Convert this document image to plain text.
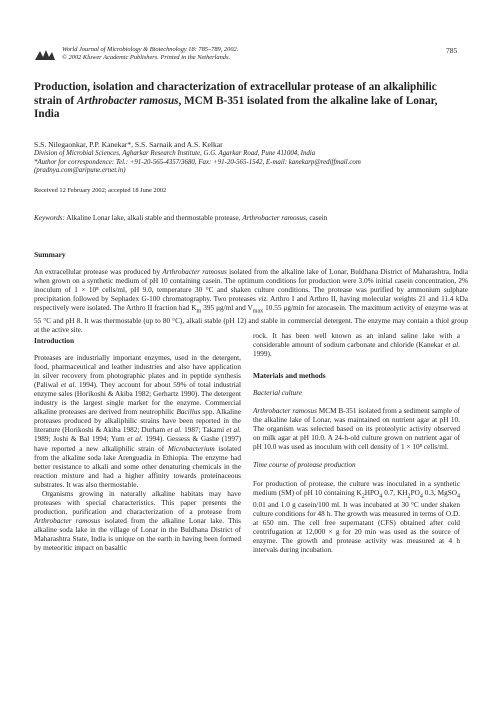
World Journal of Microbiology & Biotechnology 18: 785–789, 2002.
© 2002 Kluwer Academic Publishers. Printed in the Netherlands.
785
Production, isolation and characterization of extracellular protease of an alkaliphilic strain of Arthrobacter ramosus, MCM B-351 isolated from the alkaline lake of Lonar, India
S.S. Nilegaonkar, P.P. Kanekar*, S.S. Sarnaik and A.S. Kelkar
Division of Microbial Sciences, Agharkar Research Institute, G.G. Agarkar Road, Pune 411004, India
*Author for correspondence: Tel.: +91-20-565-4357/3680, Fax: +91-20-565-1542, E-mail: kanekarp@rediffmail.com
(pradnya.com@aripune.ernet.in)
Received 12 February 2002; accepted 18 June 2002
Keywords: Alkaline Lonar lake, alkali stable and thermostable protease, Arthrobacter ramosus, casein
Summary
An extracellular protease was produced by Arthrobacter ramosus isolated from the alkaline lake of Lonar, Buldhana District of Maharashtra, India when grown on a synthetic medium of pH 10 containing casein. The optimum conditions for production were 3.0% initial casein concentration, 2% inoculum of 1 × 10⁸ cells/ml, pH 9.0, temperature 30 °C and shaken culture conditions. The protease was purified by ammonium sulphate precipitation followed by Sephadex G-100 chromatography. Two proteases viz. Arthro I and Arthro II, having molecular weights 21 and 11.4 kDa respectively were isolated. The Arthro II fraction had $K_m$ 395 μg/ml and $V_{max}$ 10.55 μg/min for azocasein. The maximum activity of enzyme was at 55 °C and pH 8. It was thermostable (up to 80 °C), alkali stable (pH 12) and stable in commercial detergent. The enzyme may contain a thiol group at the active site.

Introduction

Proteases are industrially important enzymes, used in the detergent, food, pharmaceutical and leather industries and also have application in silver recovery from photographic plates and in peptide synthesis (Paliwal et al. 1994). They account for about 59% of total industrial enzyme sales (Horikoshi & Akiba 1982; Gerhartz 1990). The detergent industry is the largest single market for the enzyme. Commercial alkaline proteases are derived from neutrophilic Bacillus spp. Alkaline proteases produced by alkaliphilic strains have been reported in the literature (Horikoshi & Akiba 1982; Durham et al. 1987; Takami et al. 1989; Joshi & Bal 1994; Yum et al. 1994). Gessess & Gashe (1997) have reported a new alkaliphilic strain of Microbacterium isolated from the alkaline soda lake Arenguadia in Ethiopia. The enzyme had better resistance to alkali and some other denaturing chemicals in the reaction mixture and had a higher affinity towards proteinaceous substrates. It was also thermostable.

Organisms growing in naturally alkaline habitats may have proteases with special characteristics. This paper presents the production, purification and characterization of a protease from Arthrobacter ramosus isolated from the alkaline Lonar lake. This alkaline soda lake in the village of Lonar in the Buldhana District of Maharashtra State, India is unique on the earth in having been formed by meteoritic impact on basaltic

rock. It has been well known as an inland saline lake with a considerable amount of sodium carbonate and chloride (Kanekar et al. 1999).

Materials and methods

Bacterial culture

Arthrobacter ramosus MCM B-351 isolated from a sediment sample of the alkaline lake of Lonar, was maintained on nutrient agar at pH 10. The organism was selected based on its proteolytic activity observed on milk agar at pH 10.0. A 24-h-old culture grown on nutrient agar of pH 10.0 was used as inoculum with cell density of 1 × 10⁸ cells/ml.

Time course of protease production

For production of protease, the culture was inoculated in a synthetic medium (SM) of pH 10 containing $K_2HPO_4$ 0.7, $KH_2PO_4$ 0.3, MgSO$_4$ 0.01 and 1.0 g casein/100 ml. It was incubated at 30 °C under shaken culture conditions for 48 h. The growth was measured in terms of O.D. at 650 nm. The cell free supernatant (CFS) obtained after cold centrifugation at 12,000 × g for 20 min was used as the source of enzyme. The growth and protease activity was measured at 4 h intervals during incubation.
